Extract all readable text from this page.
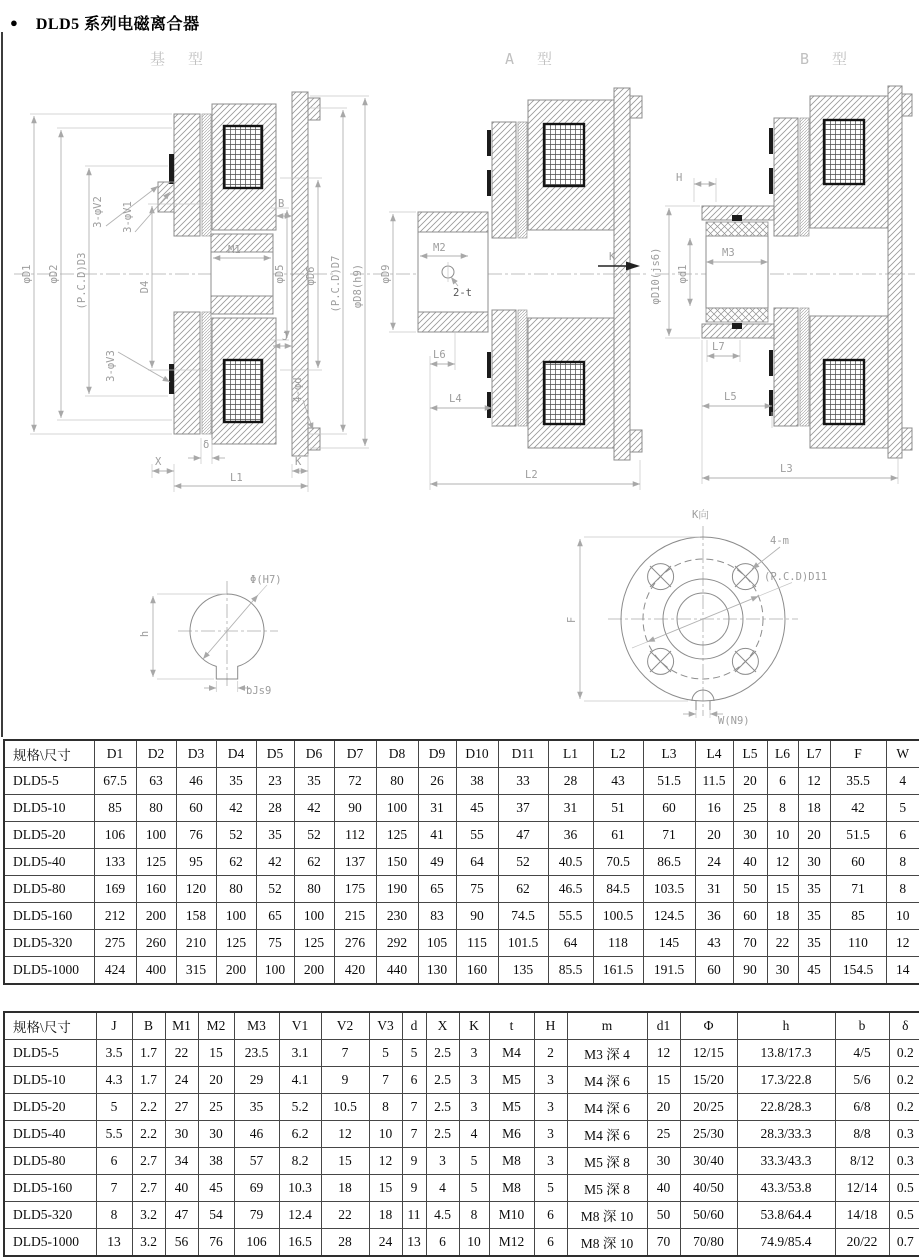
● DLD5 系列电磁离合器
基 型
φD1 φD2 (P.C.D)D3	D4
3-φV2 3-φV1
3-φV3
M1
B
J
φD5 φD6 (P.C.D)D7 φD8(h9)
4-φd
δ
X
L1
K
A 型
φD9
M2
2-t
L6
L4
L2
K
B 型
H
φD10(js6) φd1
M3
L7
L5
L3
Φ(H7)
h
bJs9
K向
4-m
(P.C.D)D11
F
W(N9)
规格\尺寸	D1	D2	D3	D4	D5	D6	D7	D8	D9	D10	D11	L1	L2	L3	L4	L5	L6	L7	F	W
DLD5-5	67.5	63	46	35	23	35	72	80	26	38	33	28	43	51.5	11.5	20	6	12	35.5	4
DLD5-10	85	80	60	42	28	42	90	100	31	45	37	31	51	60	16	25	8	18	42	5
DLD5-20	106	100	76	52	35	52	112	125	41	55	47	36	61	71	20	30	10	20	51.5	6
DLD5-40	133	125	95	62	42	62	137	150	49	64	52	40.5	70.5	86.5	24	40	12	30	60	8
DLD5-80	169	160	120	80	52	80	175	190	65	75	62	46.5	84.5	103.5	31	50	15	35	71	8
DLD5-160	212	200	158	100	65	100	215	230	83	90	74.5	55.5	100.5	124.5	36	60	18	35	85	10
DLD5-320	275	260	210	125	75	125	276	292	105	115	101.5	64	118	145	43	70	22	35	110	12
DLD5-1000	424	400	315	200	100	200	420	440	130	160	135	85.5	161.5	191.5	60	90	30	45	154.5	14
规格\尺寸	J	B	M1	M2	M3	V1	V2	V3	d	X	K	t	H	m	d1	Φ	h	b	δ
DLD5-5	3.5	1.7	22	15	23.5	3.1	7	5	5	2.5	3	M4	2	M3 深 4	12	12/15	13.8/17.3	4/5	0.2
DLD5-10	4.3	1.7	24	20	29	4.1	9	7	6	2.5	3	M5	3	M4 深 6	15	15/20	17.3/22.8	5/6	0.2
DLD5-20	5	2.2	27	25	35	5.2	10.5	8	7	2.5	3	M5	3	M4 深 6	20	20/25	22.8/28.3	6/8	0.2
DLD5-40	5.5	2.2	30	30	46	6.2	12	10	7	2.5	4	M6	3	M4 深 6	25	25/30	28.3/33.3	8/8	0.3
DLD5-80	6	2.7	34	38	57	8.2	15	12	9	3	5	M8	3	M5 深 8	30	30/40	33.3/43.3	8/12	0.3
DLD5-160	7	2.7	40	45	69	10.3	18	15	9	4	5	M8	5	M5 深 8	40	40/50	43.3/53.8	12/14	0.5
DLD5-320	8	3.2	47	54	79	12.4	22	18	11	4.5	8	M10	6	M8 深 10	50	50/60	53.8/64.4	14/18	0.5
DLD5-1000	13	3.2	56	76	106	16.5	28	24	13	6	10	M12	6	M8 深 10	70	70/80	74.9/85.4	20/22	0.7
